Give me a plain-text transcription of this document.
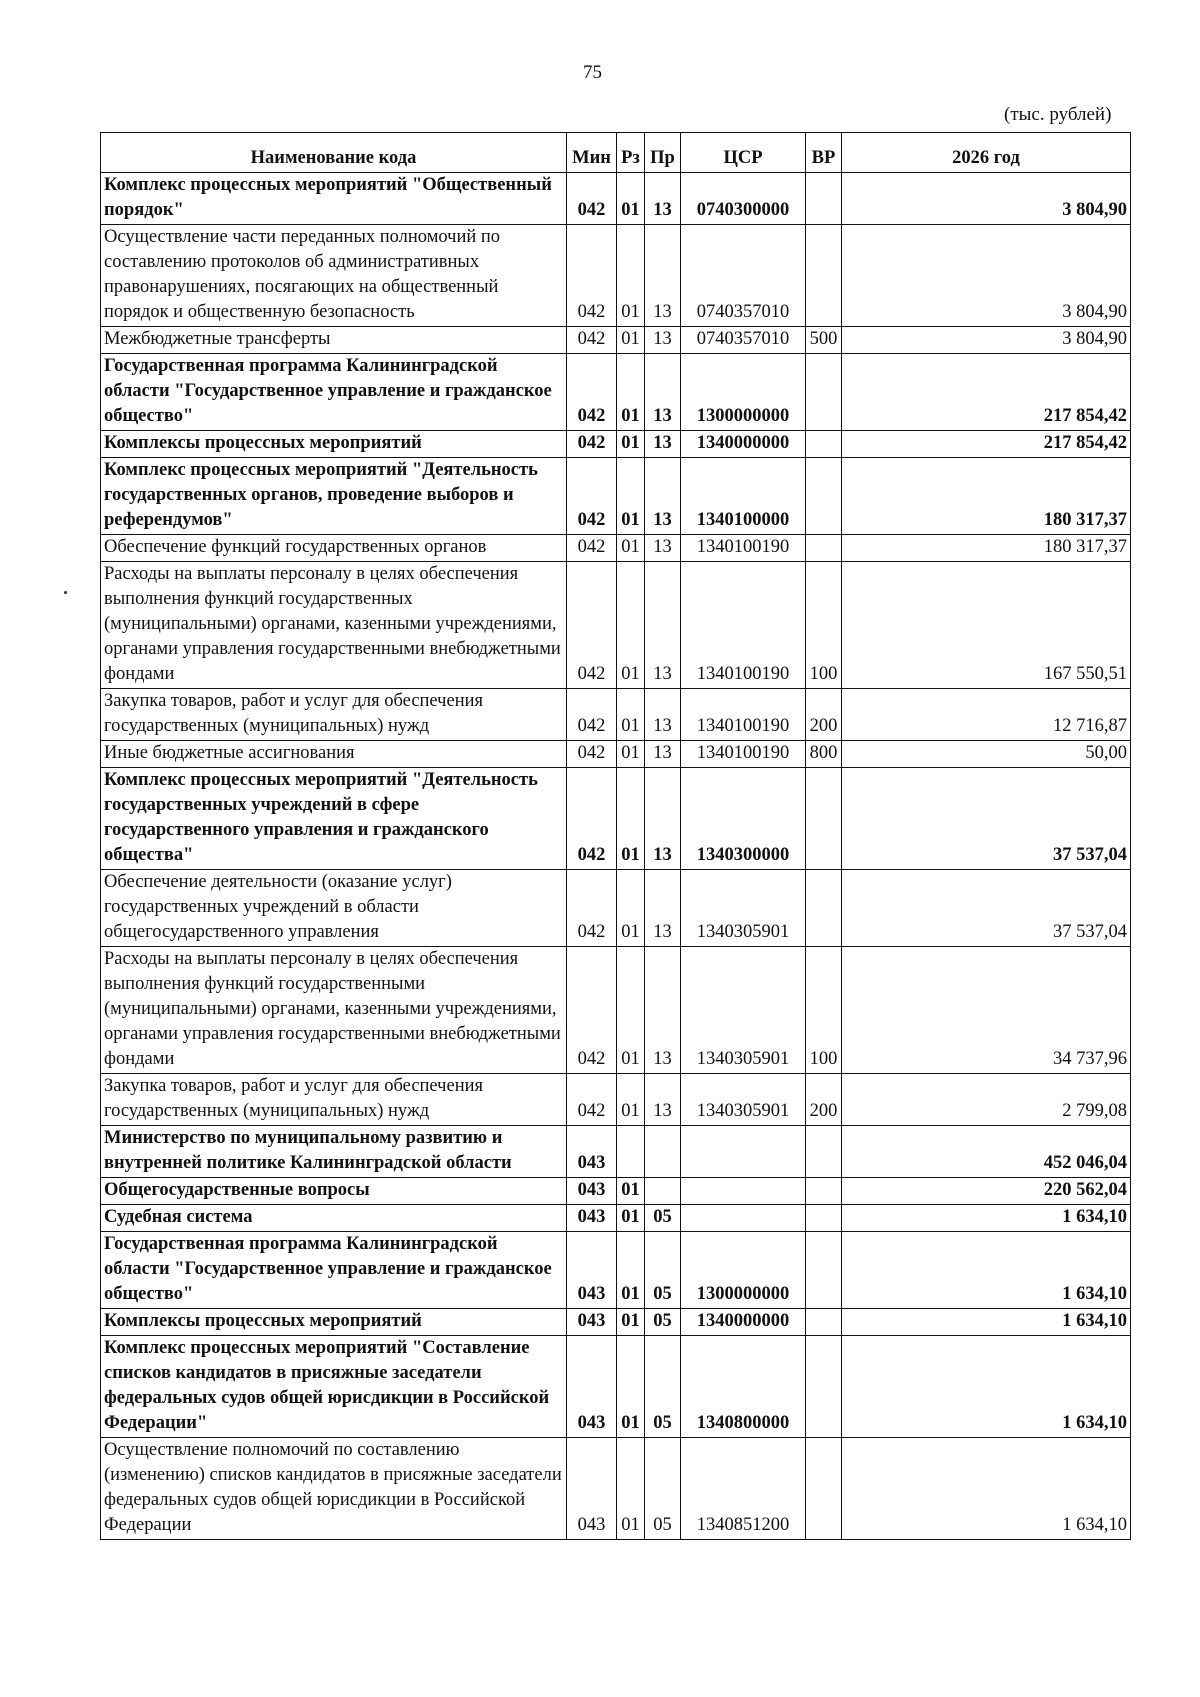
75
(тыс. рублей)
Наименование кода	Мин	Рз	Пр	ЦСР	ВР	2026 год
Комплекс процессных мероприятий "Общественный порядок"	042	01	13	0740300000		3 804,90
Осуществление части переданных полномочий по составлению протоколов об административных правонарушениях, посягающих на общественный порядок и общественную безопасность	042	01	13	0740357010		3 804,90
Межбюджетные трансферты	042	01	13	0740357010	500	3 804,90
Государственная программа Калининградской области "Государственное управление и гражданское общество"	042	01	13	1300000000		217 854,42
Комплексы процессных мероприятий	042	01	13	1340000000		217 854,42
Комплекс процессных мероприятий "Деятельность государственных органов, проведение выборов и референдумов"	042	01	13	1340100000		180 317,37
Обеспечение функций государственных органов	042	01	13	1340100190		180 317,37
Расходы на выплаты персоналу в целях обеспечения выполнения функций государственных (муниципальными) органами, казенными учреждениями, органами управления государственными внебюджетными фондами	042	01	13	1340100190	100	167 550,51
Закупка товаров, работ и услуг для обеспечения государственных (муниципальных) нужд	042	01	13	1340100190	200	12 716,87
Иные бюджетные ассигнования	042	01	13	1340100190	800	50,00
Комплекс процессных мероприятий "Деятельность государственных учреждений в сфере государственного управления и гражданского общества"	042	01	13	1340300000		37 537,04
Обеспечение деятельности (оказание услуг) государственных учреждений в области общегосударственного управления	042	01	13	1340305901		37 537,04
Расходы на выплаты персоналу в целях обеспечения выполнения функций государственными (муниципальными) органами, казенными учреждениями, органами управления государственными внебюджетными фондами	042	01	13	1340305901	100	34 737,96
Закупка товаров, работ и услуг для обеспечения государственных (муниципальных) нужд	042	01	13	1340305901	200	2 799,08
Министерство по муниципальному развитию и внутренней политике Калининградской области	043					452 046,04
Общегосударственные вопросы	043	01				220 562,04
Судебная система	043	01	05			1 634,10
Государственная программа Калининградской области "Государственное управление и гражданское общество"	043	01	05	1300000000		1 634,10
Комплексы процессных мероприятий	043	01	05	1340000000		1 634,10
Комплекс процессных мероприятий "Составление списков кандидатов в присяжные заседатели федеральных судов общей юрисдикции в Российской Федерации"	043	01	05	1340800000		1 634,10
Осуществление полномочий по составлению (изменению) списков кандидатов в присяжные заседатели федеральных судов общей юрисдикции в Российской Федерации	043	01	05	1340851200		1 634,10
